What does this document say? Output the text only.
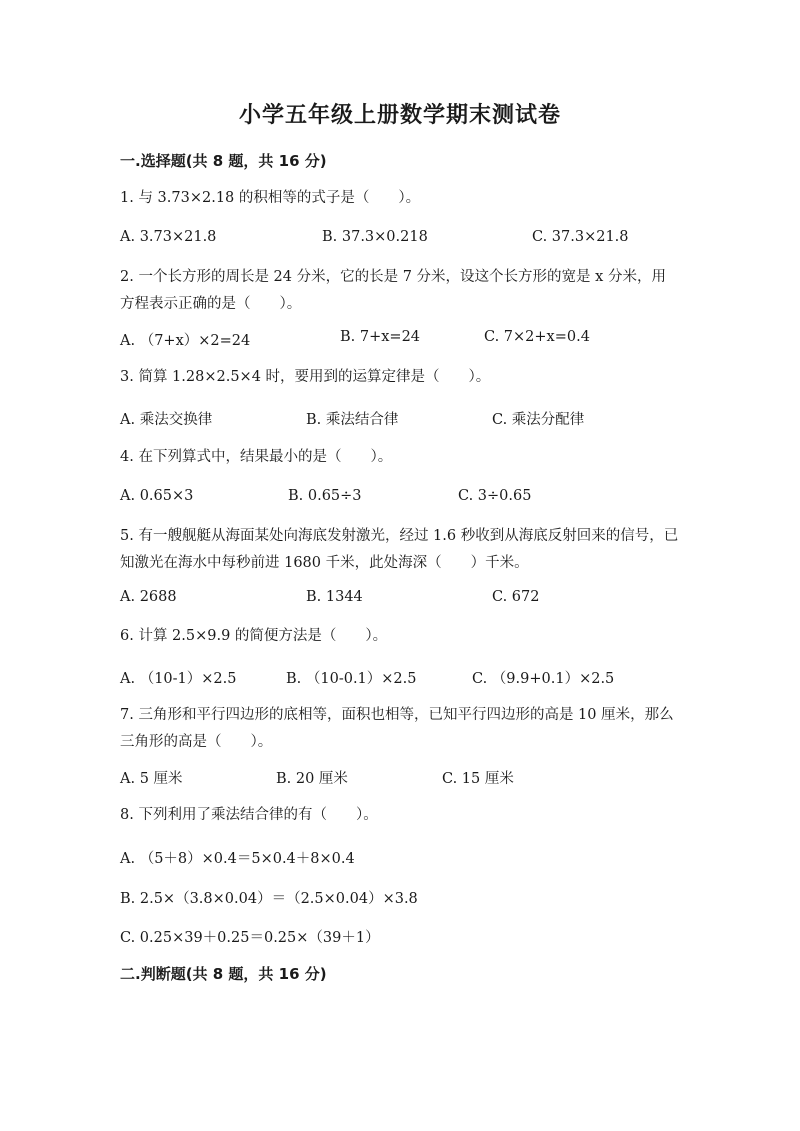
小学五年级上册数学期末测试卷
一.选择题(共 8 题，共 16 分)
1. 与 3.73×2.18 的积相等的式子是（　　）。
A. 3.73×21.8	B. 37.3×0.218	C. 37.3×21.8
2. 一个长方形的周长是 24 分米，它的长是 7 分米，设这个长方形的宽是 x 分米，用方程表示正确的是（　　）。
A. （7+x）×2=24	B. 7+x=24	C. 7×2+x=0.4
3. 简算 1.28×2.5×4 时，要用到的运算定律是（　　）。
A. 乘法交换律	B. 乘法结合律	C. 乘法分配律
4. 在下列算式中，结果最小的是（　　）。
A. 0.65×3	B. 0.65÷3	C. 3÷0.65
5. 有一艘舰艇从海面某处向海底发射激光，经过 1.6 秒收到从海底反射回来的信号，已知激光在海水中每秒前进 1680 千米，此处海深（　　）千米。
A. 2688	B. 1344	C. 672
6. 计算 2.5×9.9 的简便方法是（　　）。
A. （10-1）×2.5	B. （10-0.1）×2.5	C. （9.9+0.1）×2.5
7. 三角形和平行四边形的底相等，面积也相等，已知平行四边形的高是 10 厘米，那么三角形的高是（　　）。
A. 5 厘米	B. 20 厘米	C. 15 厘米
8. 下列利用了乘法结合律的有（　　）。
A. （5＋8）×0.4＝5×0.4＋8×0.4
B. 2.5×（3.8×0.04）＝（2.5×0.04）×3.8
C. 0.25×39＋0.25＝0.25×（39＋1）
二.判断题(共 8 题，共 16 分)
